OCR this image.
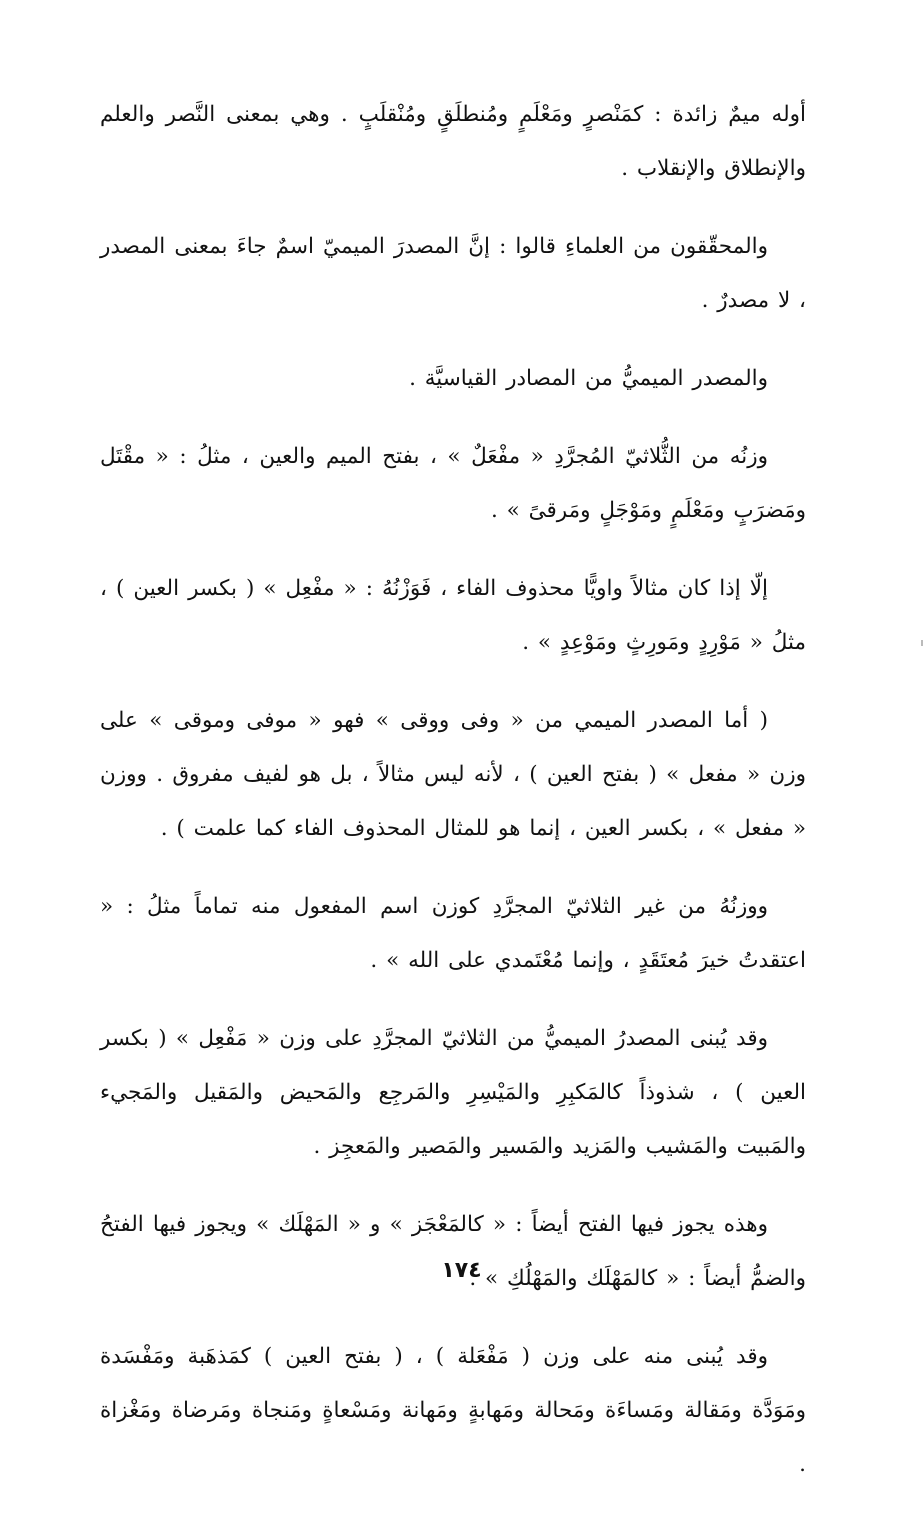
أوله ميمٌ زائدة : كمَنْصرٍ ومَعْلَمٍ ومُنطلَقٍ ومُنْقلَبٍ . وهي بمعنى النَّصر والعلم والإنطلاق والإنقلاب .

والمحقّقون من العلماءِ قالوا : إنَّ المصدرَ الميميّ اسمٌ جاءَ بمعنى المصدر ، لا مصدرٌ .

والمصدر الميميُّ من المصادر القياسيَّة .

وزنُه من الثُّلاثيّ المُجرَّدِ « مفْعَلٌ » ، بفتح الميم والعين ، مثلُ : « مقْتَل ومَضرَبٍ ومَعْلَمٍ ومَوْجَلٍ ومَرقىً » .

إلّا إذا كان مثالاً واويًّا محذوف الفاء ، فَوَزْنُهُ : « مفْعِل » ( بكسر العين ) ، مثلُ « مَوْرِدٍ ومَورِثٍ ومَوْعِدٍ » .

( أما المصدر الميمي من « وفى ووقى » فهو « موفى وموقى » على وزن « مفعل » ( بفتح العين ) ، لأنه ليس مثالاً ، بل هو لفيف مفروق . ووزن « مفعل » ، بكسر العين ، إنما هو للمثال المحذوف الفاء كما علمت ) .

ووزنُهُ من غير الثلاثيّ المجرَّدِ كوزن اسم المفعول منه تماماً مثلُ : « اعتقدتُ خيرَ مُعتَقَدٍ ، وإنما مُعْتَمدي على الله » .

وقد يُبنى المصدرُ الميميُّ من الثلاثيّ المجرَّدِ على وزن « مَفْعِل » ( بكسر العين ) ، شذوذاً كالمَكبِرِ والمَيْسِرِ والمَرجِع والمَحيض والمَقيل والمَجيء والمَبيت والمَشيب والمَزيد والمَسير والمَصير والمَعجِز .

وهذه يجوز فيها الفتح أيضاً : « كالمَعْجَز » و « المَهْلَك » ويجوز فيها الفتحُ والضمُّ أيضاً : « كالمَهْلَك والمَهْلُكِ » .

وقد يُبنى منه على وزن ( مَفْعَلة ) ، ( بفتح العين ) كمَذهَبة ومَفْسَدة ومَوَدَّة ومَقالة ومَساءَة ومَحالة ومَهابةٍ ومَهانة ومَسْعاةٍ ومَنجاة ومَرضاة ومَغْزاة .

١٧٤
